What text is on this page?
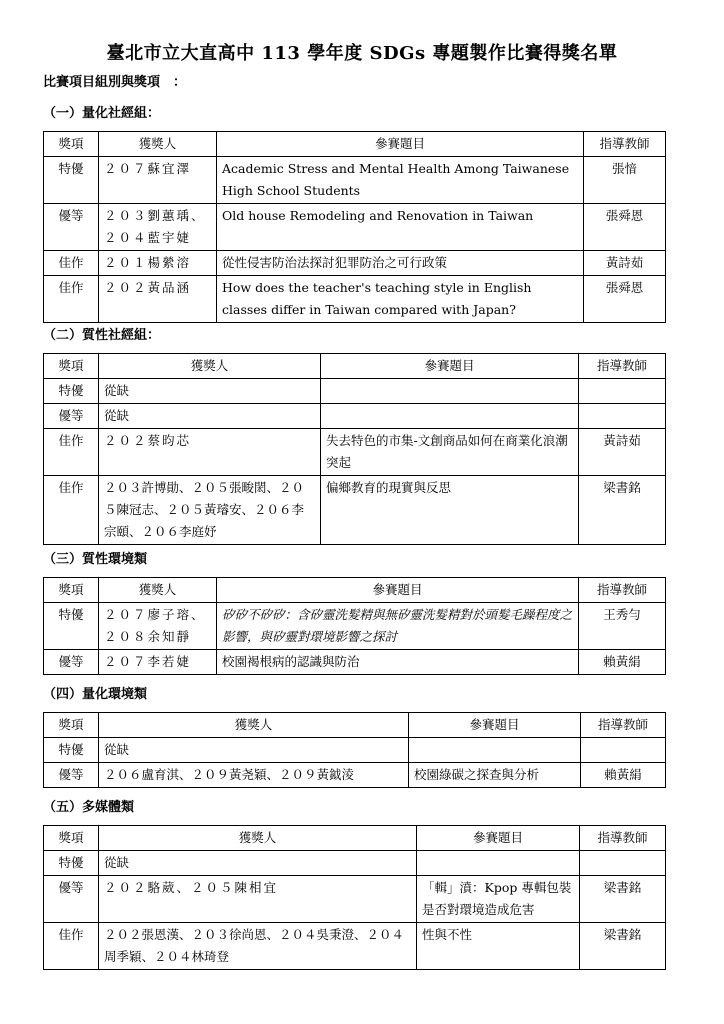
臺北市立大直高中 113 學年度 SDGs 專題製作比賽得獎名單
比賽項目組別與獎項　：
（一）量化社經組：
獎項	獲獎人	參賽題目	指導教師
特優	２０７蘇宜澤	Academic Stress and Mental Health Among Taiwanese High School Students	張愔
優等	２０３劉蕙瑀、２０４藍宇婕	Old house Remodeling and Renovation in Taiwan	張舜恩
佳作	２０１楊縈溶	從性侵害防治法探討犯罪防治之可行政策	黃詩茹
佳作	２０２黃品涵	How does the teacher's teaching style in English classes differ in Taiwan compared with Japan?	張舜恩
（二）質性社經組：
獎項	獲獎人	參賽題目	指導教師
特優	從缺		
優等	從缺		
佳作	２０２蔡昀芯	失去特色的市集-文創商品如何在商業化浪潮突起	黃詩茹
佳作	２０３許博勛、２０５張畯閎、２０５陳冠志、２０５黃璿安、２０６李宗頤、２０６李庭妤	偏鄉教育的現實與反思	梁書銘
（三）質性環境類
獎項	獲獎人	參賽題目	指導教師
特優	２０７廖子瑢、２０８余知靜	矽矽不矽矽：含矽靈洗髮精與無矽靈洗髮精對於頭髮毛躁程度之影響，與矽靈對環境影響之探討	王秀勻
優等	２０７李若婕	校園褐根病的認識與防治	賴黃絹
（四）量化環境類
獎項	獲獎人	參賽題目	指導教師
特優	從缺		
優等	２０６盧育淇、２０９黃尧穎、２０９黃鉞淩	校園綠碳之探查與分析	賴黃絹
（五）多媒體類
獎項	獲獎人	參賽題目	指導教師
特優	從缺		
優等	２０２駱葳、２０５陳相宜	「輯」濆：Kpop 專輯包裝是否對環境造成危害	梁書銘
佳作	２０２張恩漢、２０３徐尚恩、２０４吳秉澄、２０４周季穎、２０４林琦登	性與不性	梁書銘
